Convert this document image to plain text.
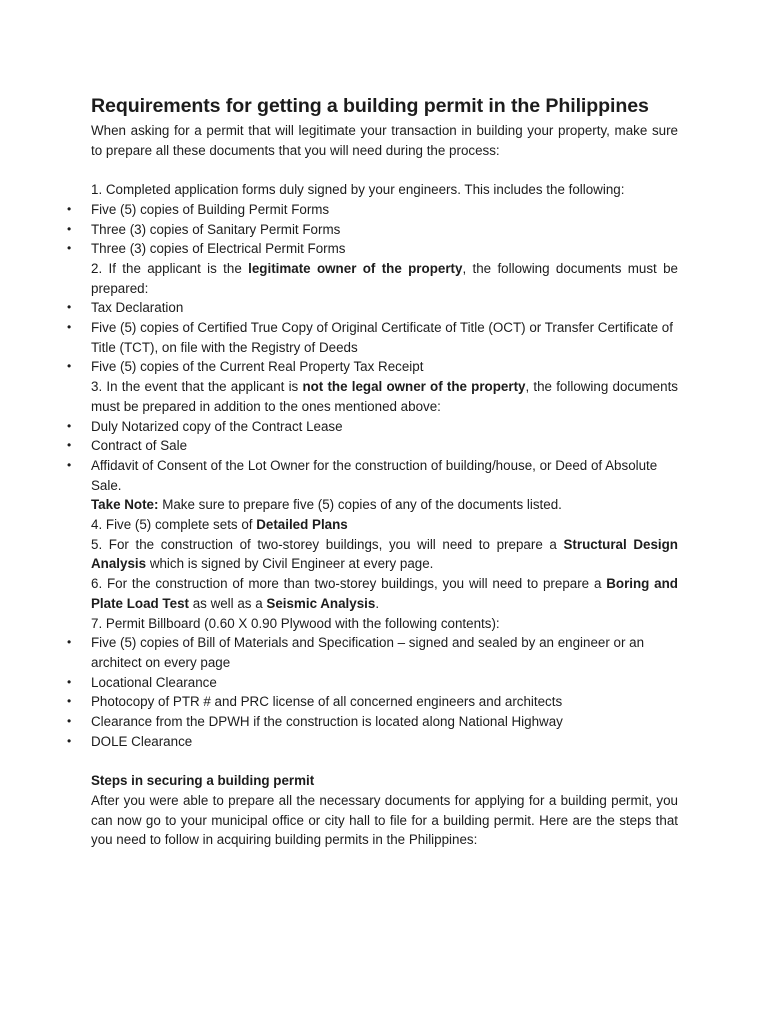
Requirements for getting a building permit in the Philippines

When asking for a permit that will legitimate your transaction in building your property, make sure to prepare all these documents that you will need during the process:

1. Completed application forms duly signed by your engineers. This includes the following:

•	Five (5) copies of Building Permit Forms
•	Three (3) copies of Sanitary Permit Forms
•	Three (3) copies of Electrical Permit Forms

2. If the applicant is the legitimate owner of the property, the following documents must be prepared:

•	Tax Declaration
•	Five (5) copies of Certified True Copy of Original Certificate of Title (OCT) or Transfer Certificate of Title (TCT), on file with the Registry of Deeds
•	Five (5) copies of the Current Real Property Tax Receipt

3. In the event that the applicant is not the legal owner of the property, the following documents must be prepared in addition to the ones mentioned above:

•	Duly Notarized copy of the Contract Lease
•	Contract of Sale
•	Affidavit of Consent of the Lot Owner for the construction of building/house, or Deed of Absolute Sale.

Take Note: Make sure to prepare five (5) copies of any of the documents listed.

4. Five (5) complete sets of Detailed Plans

5. For the construction of two-storey buildings, you will need to prepare a Structural Design Analysis which is signed by Civil Engineer at every page.

6. For the construction of more than two-storey buildings, you will need to prepare a Boring and Plate Load Test as well as a Seismic Analysis.

7. Permit Billboard (0.60 X 0.90 Plywood with the following contents):

•	Five (5) copies of Bill of Materials and Specification – signed and sealed by an engineer or an architect on every page
•	Locational Clearance
•	Photocopy of PTR # and PRC license of all concerned engineers and architects
•	Clearance from the DPWH if the construction is located along National Highway
•	DOLE Clearance

Steps in securing a building permit

After you were able to prepare all the necessary documents for applying for a building permit, you can now go to your municipal office or city hall to file for a building permit. Here are the steps that you need to follow in acquiring building permits in the Philippines:
